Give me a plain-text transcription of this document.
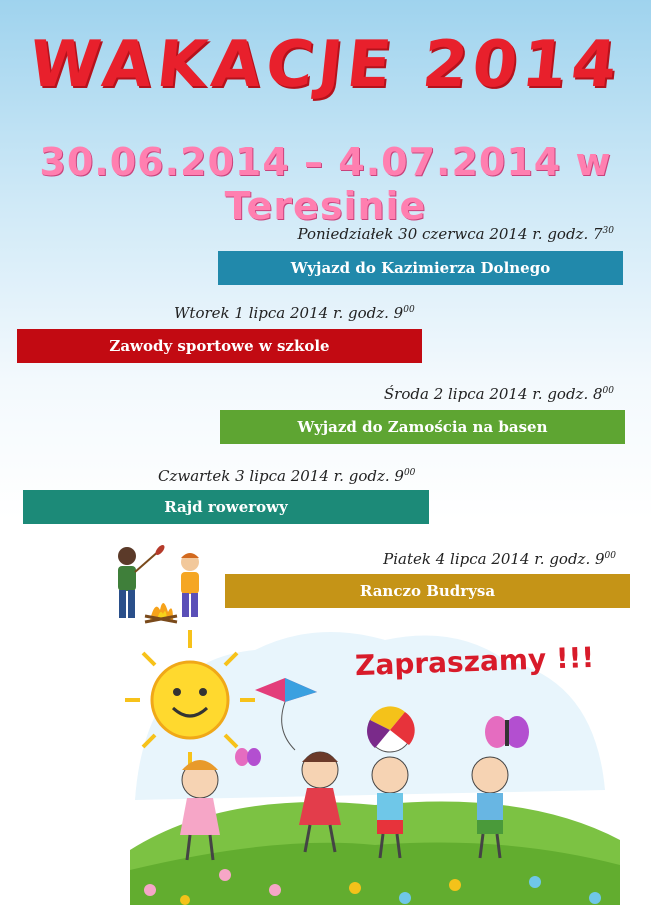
WAKACJE 2014
30.06.2014 – 4.07.2014 w Teresinie
Poniedziałek 30 czerwca 2014 r. godz. $7^{30}$
Wyjazd do Kazimierza Dolnego
Wtorek 1 lipca 2014 r. godz. $9^{00}$
Zawody sportowe w szkole
Środa 2 lipca 2014 r. godz. $8^{00}$
Wyjazd do Zamościa na basen
Czwartek 3 lipca 2014 r. godz. $9^{00}$
Rajd rowerowy
Piatek 4 lipca 2014 r. godz. $9^{00}$
Ranczo Budrysa
Zapraszamy !!!
